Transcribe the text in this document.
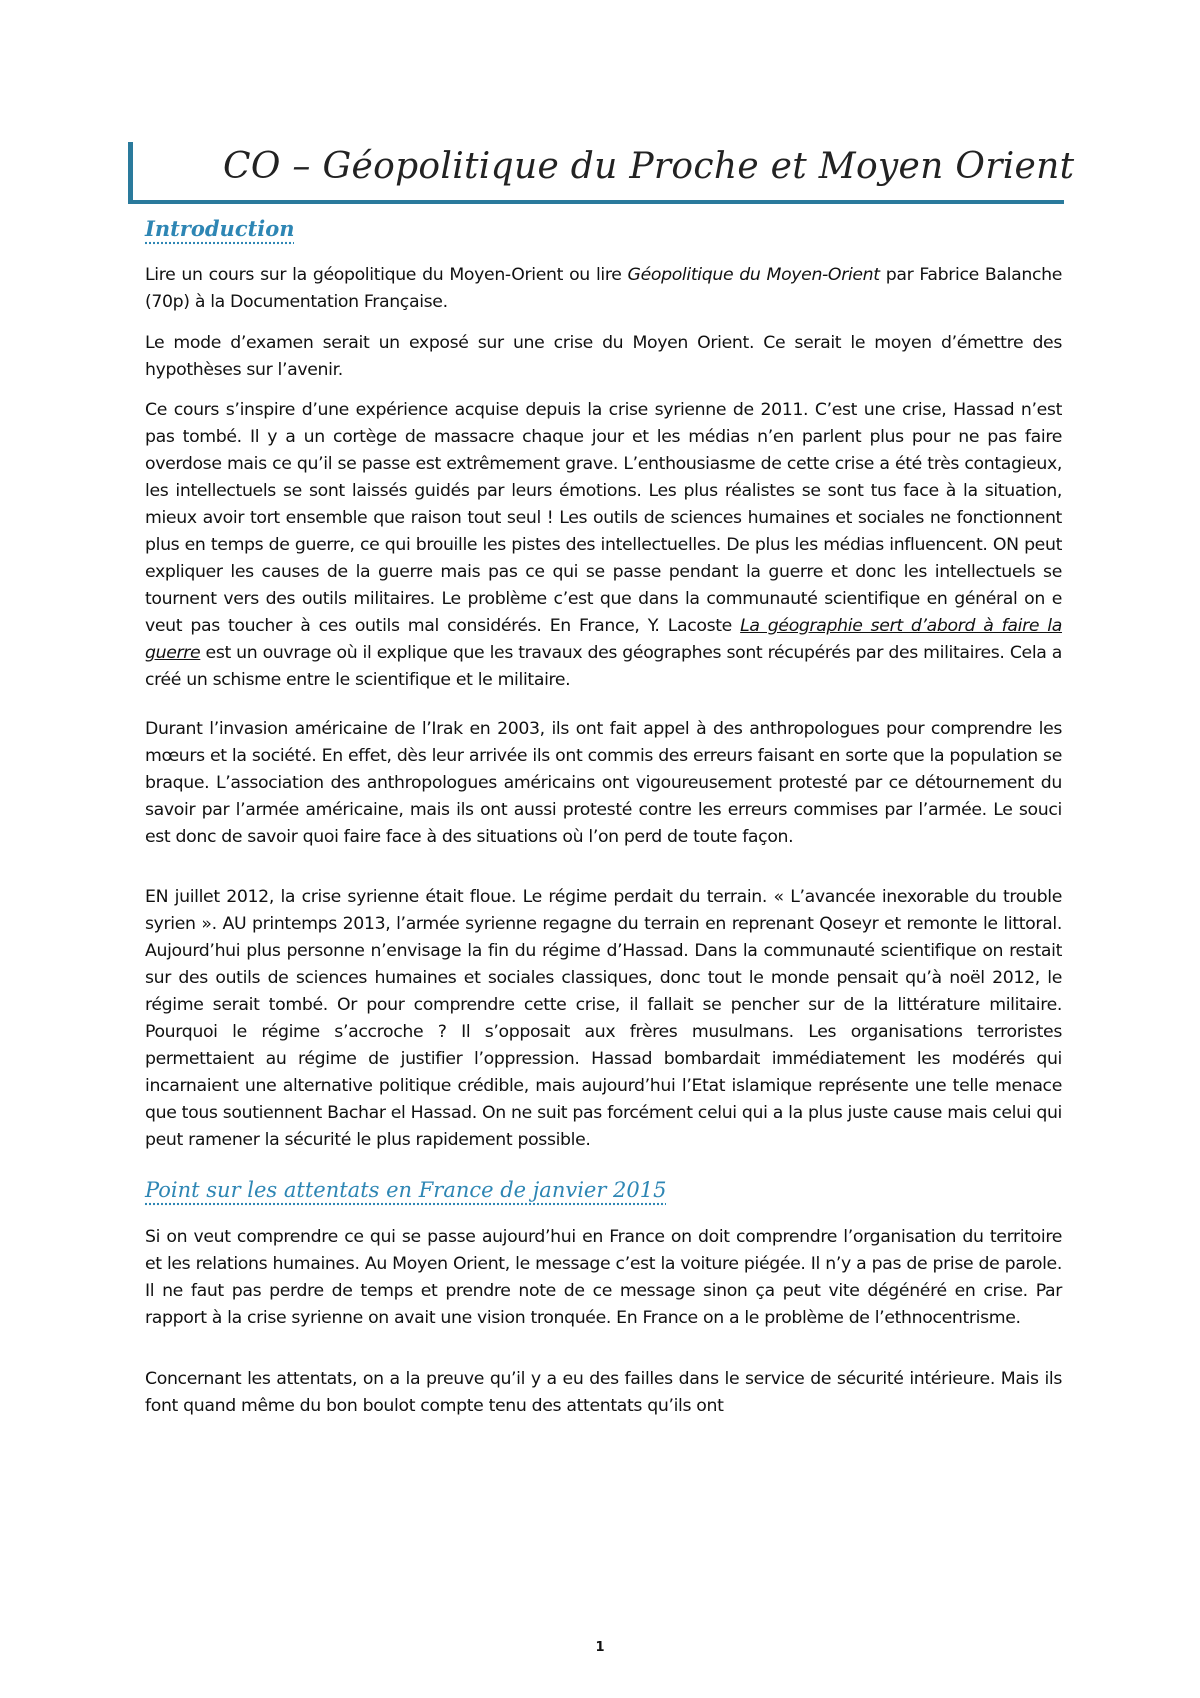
CO – Géopolitique du Proche et Moyen Orient
Introduction

Lire un cours sur la géopolitique du Moyen-Orient ou lire Géopolitique du Moyen-Orient par Fabrice Balanche (70p) à la Documentation Française.

Le mode d’examen serait un exposé sur une crise du Moyen Orient. Ce serait le moyen d’émettre des hypothèses sur l’avenir.

Ce cours s’inspire d’une expérience acquise depuis la crise syrienne de 2011. C’est une crise, Hassad n’est pas tombé. Il y a un cortège de massacre chaque jour et les médias n’en parlent plus pour ne pas faire overdose mais ce qu’il se passe est extrêmement grave. L’enthousiasme de cette crise a été très contagieux, les intellectuels se sont laissés guidés par leurs émotions. Les plus réalistes se sont tus face à la situation, mieux avoir tort ensemble que raison tout seul ! Les outils de sciences humaines et sociales ne fonctionnent plus en temps de guerre, ce qui brouille les pistes des intellectuelles. De plus les médias influencent. ON peut expliquer les causes de la guerre mais pas ce qui se passe pendant la guerre et donc les intellectuels se tournent vers des outils militaires. Le problème c’est que dans la communauté scientifique en général on e veut pas toucher à ces outils mal considérés. En France, Y. Lacoste La géographie sert d’abord à faire la guerre est un ouvrage où il explique que les travaux des géographes sont récupérés par des militaires. Cela a créé un schisme entre le scientifique et le militaire.

Durant l’invasion américaine de l’Irak en 2003, ils ont fait appel à des anthropologues pour comprendre les mœurs et la société. En effet, dès leur arrivée ils ont commis des erreurs faisant en sorte que la population se braque. L’association des anthropologues américains ont vigoureusement protesté par ce détournement du savoir par l’armée américaine, mais ils ont aussi protesté contre les erreurs commises par l’armée. Le souci est donc de savoir quoi faire face à des situations où l’on perd de toute façon.

EN juillet 2012, la crise syrienne était floue. Le régime perdait du terrain. « L’avancée inexorable du trouble syrien ». AU printemps 2013, l’armée syrienne regagne du terrain en reprenant Qoseyr et remonte le littoral. Aujourd’hui plus personne n’envisage la fin du régime d’Hassad. Dans la communauté scientifique on restait sur des outils de sciences humaines et sociales classiques, donc tout le monde pensait qu’à noël 2012, le régime serait tombé. Or pour comprendre cette crise, il fallait se pencher sur de la littérature militaire. Pourquoi le régime s’accroche ? Il s’opposait aux frères musulmans. Les organisations terroristes permettaient au régime de justifier l’oppression. Hassad bombardait immédiatement les modérés qui incarnaient une alternative politique crédible, mais aujourd’hui l’Etat islamique représente une telle menace que tous soutiennent Bachar el Hassad. On ne suit pas forcément celui qui a la plus juste cause mais celui qui peut ramener la sécurité le plus rapidement possible.

Point sur les attentats en France de janvier 2015

Si on veut comprendre ce qui se passe aujourd’hui en France on doit comprendre l’organisation du territoire et les relations humaines. Au Moyen Orient, le message c’est la voiture piégée. Il n’y a pas de prise de parole. Il ne faut pas perdre de temps et prendre note de ce message sinon ça peut vite dégénéré en crise. Par rapport à la crise syrienne on avait une vision tronquée. En France on a le problème de l’ethnocentrisme.

Concernant les attentats, on a la preuve qu’il y a eu des failles dans le service de sécurité intérieure. Mais ils font quand même du bon boulot compte tenu des attentats qu’ils ont

1
